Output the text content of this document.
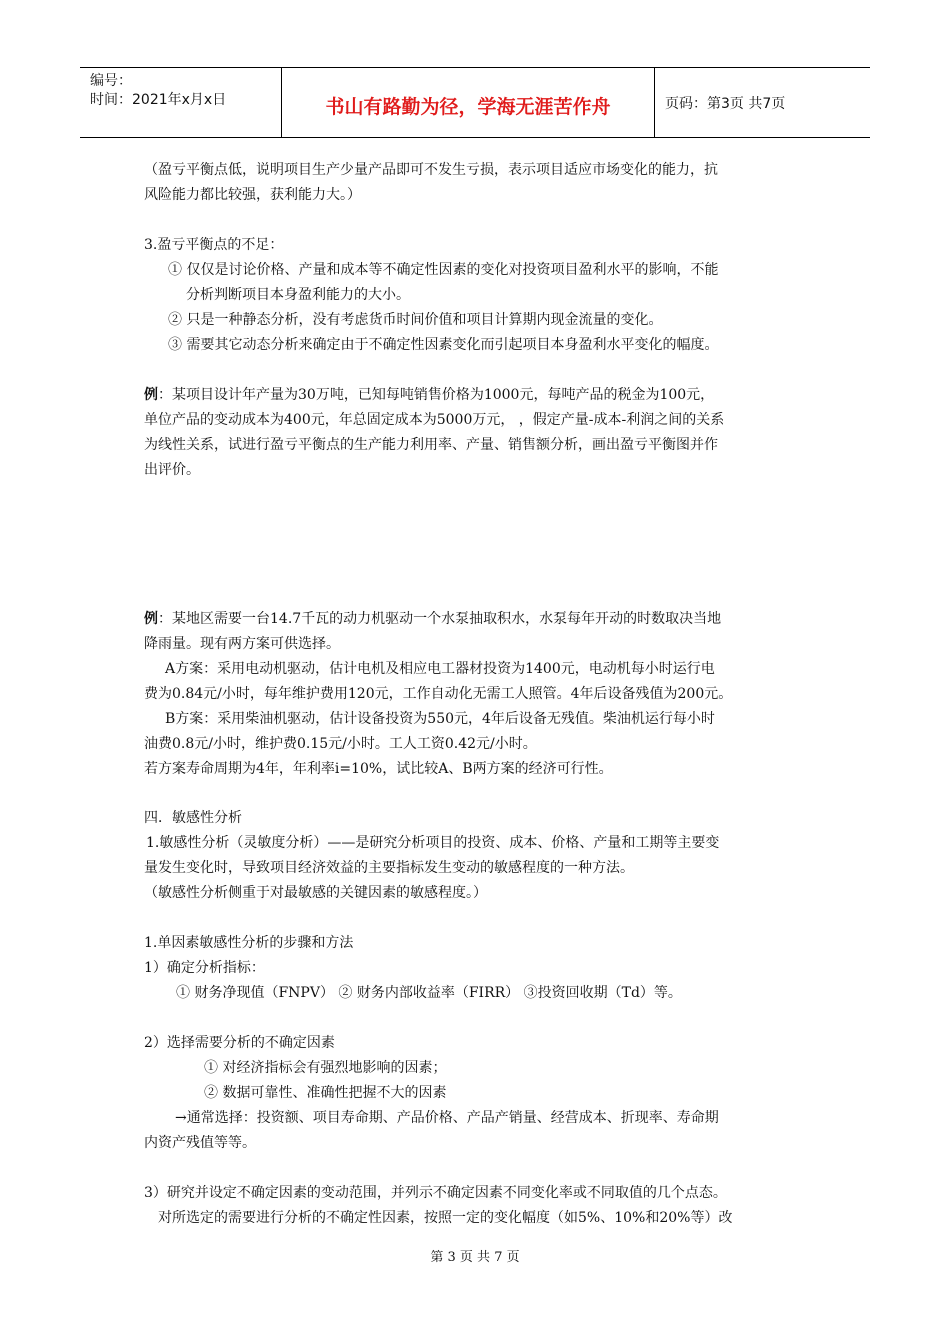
编号：
时间：2021年x月x日	书山有路勤为径，学海无涯苦作舟	页码：第3页 共7页
（盈亏平衡点低，说明项目生产少量产品即可不发生亏损，表示项目适应市场变化的能力，抗
风险能力都比较强，获利能力大。）
3.盈亏平衡点的不足：
① 仅仅是讨论价格、产量和成本等不确定性因素的变化对投资项目盈利水平的影响，不能
分析判断项目本身盈利能力的大小。
② 只是一种静态分析，没有考虑货币时间价值和项目计算期内现金流量的变化。
③ 需要其它动态分析来确定由于不确定性因素变化而引起项目本身盈利水平变化的幅度。
例：某项目设计年产量为30万吨，已知每吨销售价格为1000元，每吨产品的税金为100元，
单位产品的变动成本为400元，年总固定成本为5000万元， ，假定产量-成本-利润之间的关系
为线性关系，试进行盈亏平衡点的生产能力利用率、产量、销售额分析，画出盈亏平衡图并作
出评价。
例：某地区需要一台14.7千瓦的动力机驱动一个水泵抽取积水，水泵每年开动的时数取决当地
降雨量。现有两方案可供选择。
A方案：采用电动机驱动，估计电机及相应电工器材投资为1400元，电动机每小时运行电
费为0.84元/小时，每年维护费用120元，工作自动化无需工人照管。4年后设备残值为200元。
B方案：采用柴油机驱动，估计设备投资为550元，4年后设备无残值。柴油机运行每小时
油费0.8元/小时，维护费0.15元/小时。工人工资0.42元/小时。
若方案寿命周期为4年，年利率i=10%，试比较A、B两方案的经济可行性。
四．敏感性分析
1.敏感性分析（灵敏度分析）——是研究分析项目的投资、成本、价格、产量和工期等主要变
量发生变化时，导致项目经济效益的主要指标发生变动的敏感程度的一种方法。
（敏感性分析侧重于对最敏感的关键因素的敏感程度。）
1.单因素敏感性分析的步骤和方法
1）确定分析指标：
① 财务净现值（FNPV） ② 财务内部收益率（FIRR） ③投资回收期（Td）等。
2）选择需要分析的不确定因素
① 对经济指标会有强烈地影响的因素；
② 数据可靠性、准确性把握不大的因素
→通常选择：投资额、项目寿命期、产品价格、产品产销量、经营成本、折现率、寿命期
内资产残值等等。
3）研究并设定不确定因素的变动范围，并列示不确定因素不同变化率或不同取值的几个点态。
对所选定的需要进行分析的不确定性因素，按照一定的变化幅度（如5%、10%和20%等）改
第 3 页 共 7 页
